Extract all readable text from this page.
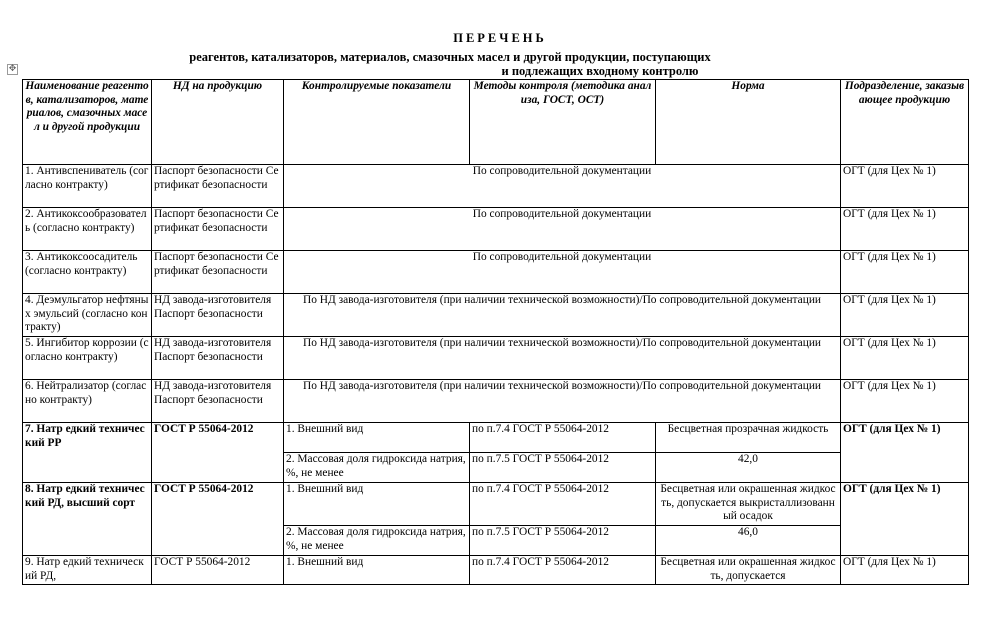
ПЕРЕЧЕНЬ
реагентов, катализаторов, материалов, смазочных масел и другой продукции, поступающих
и подлежащих входному контролю
✥
Наименование реагентов, катализаторов, материалов, смазочных масел и другой продукции	НД на продукцию	Контролируемые показатели	Методы контроля (методика анализа, ГОСТ, ОСТ)	Норма	Подразделение, заказывающее продукцию
1. Антивспениватель (согласно контракту)	Паспорт безопасности Сертификат безопасности	По сопроводительной документации			ОГТ (для Цех № 1)
2. Антикоксообразователь (согласно контракту)	Паспорт безопасности Сертификат безопасности	По сопроводительной документации			ОГТ (для Цех № 1)
3. Антикоксоосадитель (согласно контракту)	Паспорт безопасности Сертификат безопасности	По сопроводительной документации			ОГТ (для Цех № 1)
4. Деэмульгатор нефтяных эмульсий (согласно контракту)	НД завода-изготовителя Паспорт безопасности	По НД завода-изготовителя (при наличии технической возможности)/По сопроводительной документации			ОГТ (для Цех № 1)
5. Ингибитор коррозии (согласно контракту)	НД завода-изготовителя Паспорт безопасности	По НД завода-изготовителя (при наличии технической возможности)/По сопроводительной документации			ОГТ (для Цех № 1)
6. Нейтрализатор (согласно контракту)	НД завода-изготовителя Паспорт безопасности	По НД завода-изготовителя (при наличии технической возможности)/По сопроводительной документации			ОГТ (для Цех № 1)
7. Натр едкий технический РР	ГОСТ Р 55064-2012	1. Внешний вид	по п.7.4 ГОСТ Р 55064-2012	Бесцветная прозрачная жидкость	ОГТ (для Цех № 1)
		2. Массовая доля гидроксида натрия, %, не менее	по п.7.5 ГОСТ Р 55064-2012	42,0	
8. Натр едкий технический РД, высший сорт	ГОСТ Р 55064-2012	1. Внешний вид	по п.7.4 ГОСТ Р 55064-2012	Бесцветная или окрашенная жидкость, допускается выкристаллизованный осадок	ОГТ (для Цех № 1)
		2. Массовая доля гидроксида натрия, %, не менее	по п.7.5 ГОСТ Р 55064-2012	46,0	
9. Натр едкий технический РД,	ГОСТ Р 55064-2012	1. Внешний вид	по п.7.4 ГОСТ Р 55064-2012	Бесцветная или окрашенная жидкость, допускается	ОГТ (для Цех № 1)
